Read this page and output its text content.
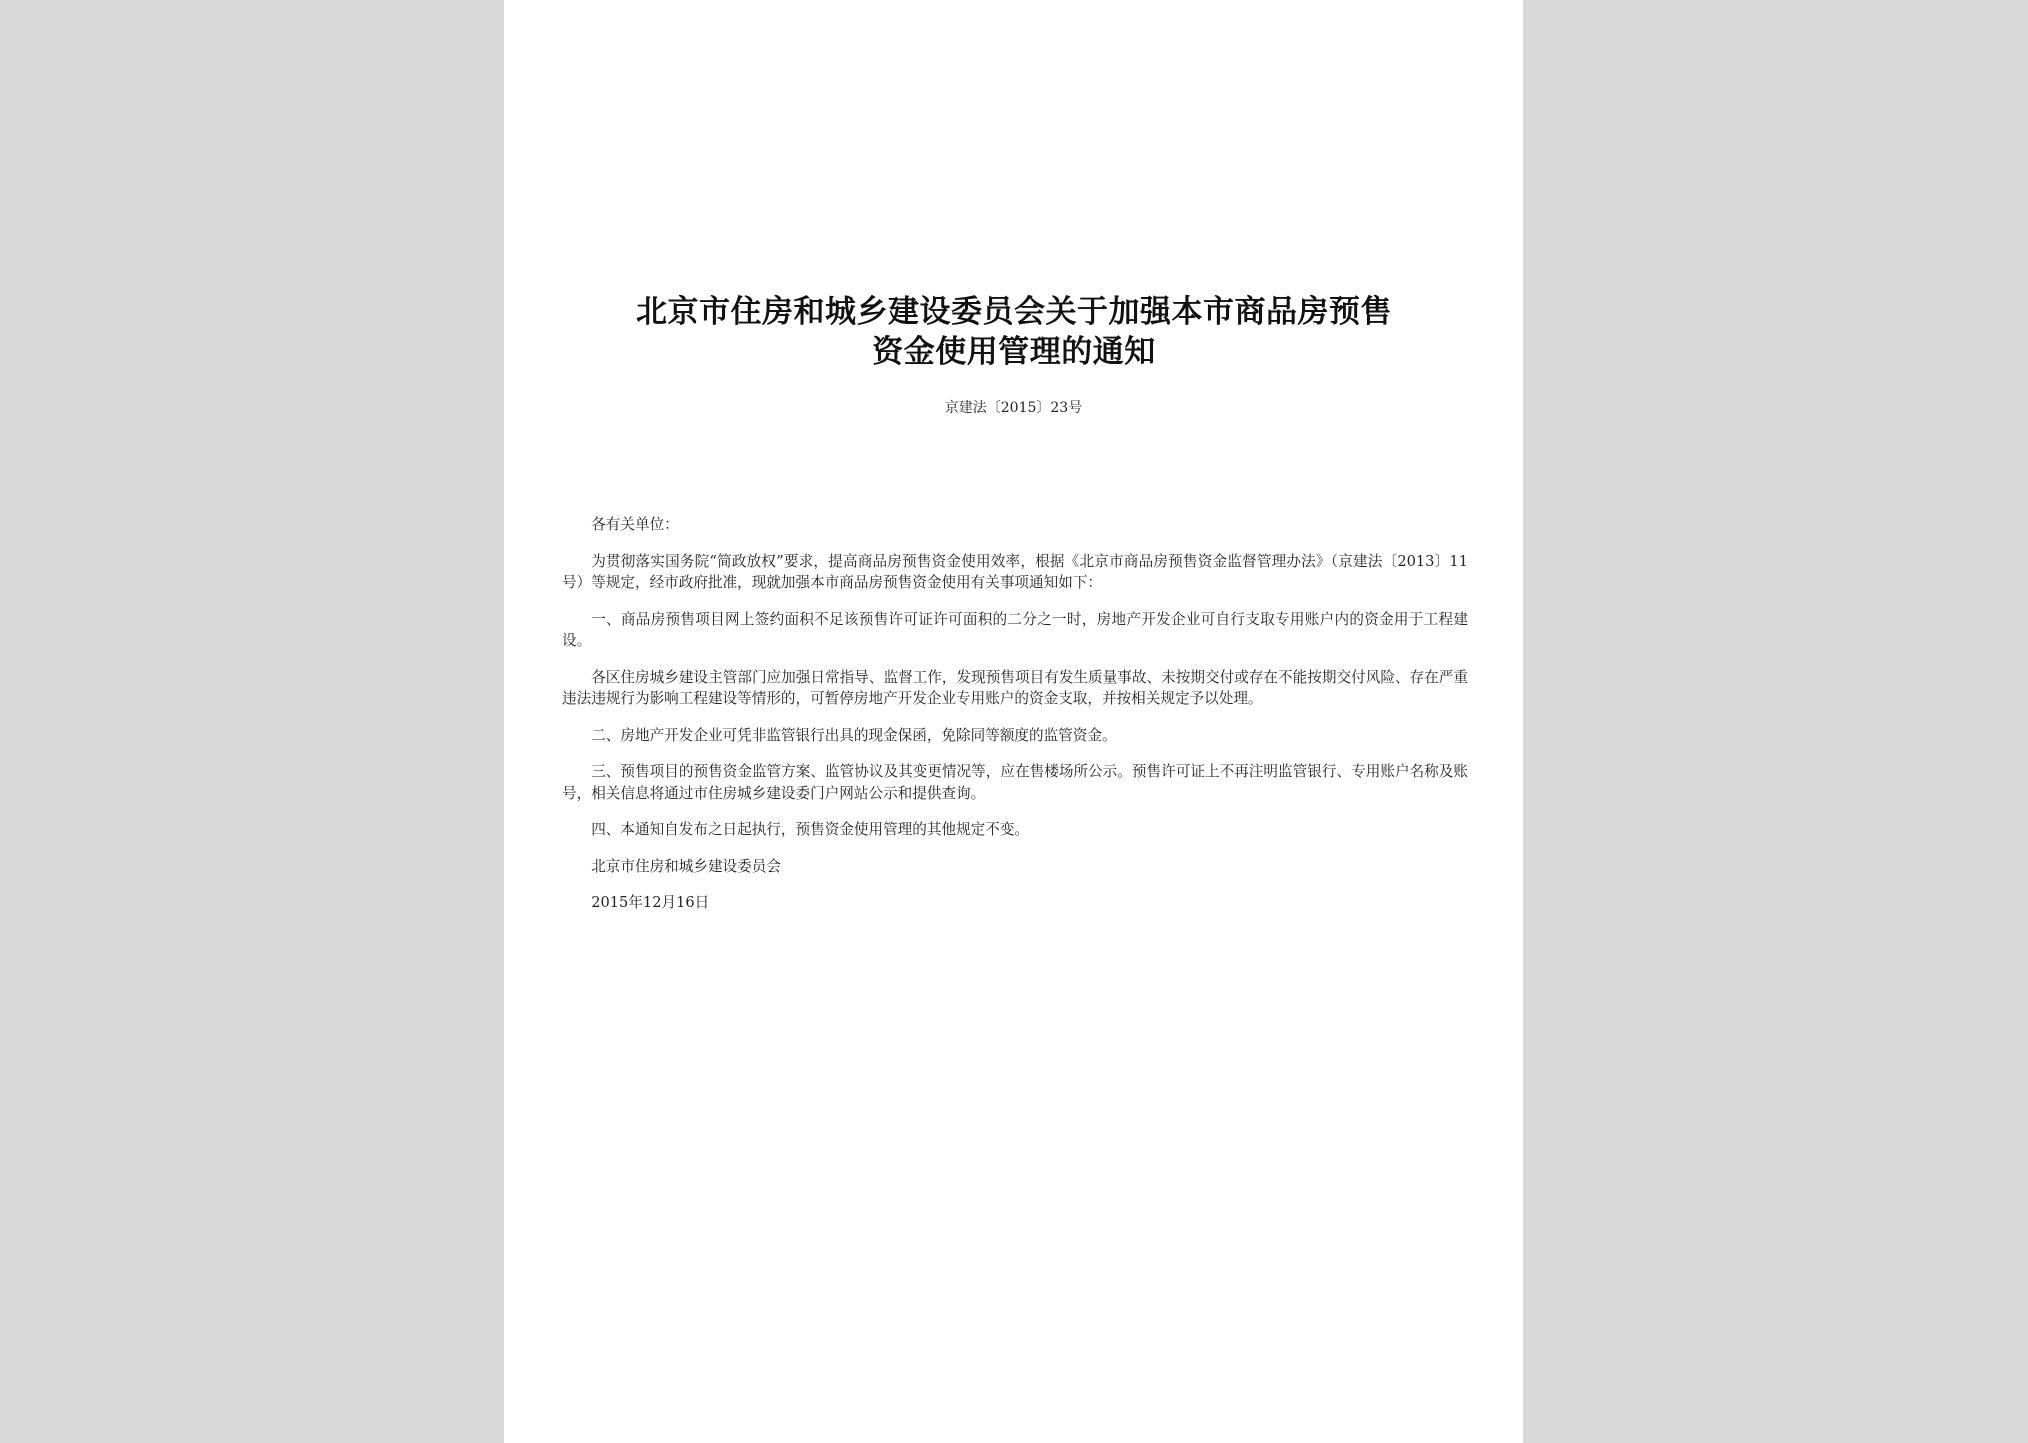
北京市住房和城乡建设委员会关于加强本市商品房预售
资金使用管理的通知
京建法〔2015〕23号

各有关单位：

为贯彻落实国务院“简政放权”要求，提高商品房预售资金使用效率，根据《北京市商品房预售资金监督管理办法》（京建法〔2013〕11号）等规定，经市政府批准，现就加强本市商品房预售资金使用有关事项通知如下：

一、商品房预售项目网上签约面积不足该预售许可证许可面积的二分之一时，房地产开发企业可自行支取专用账户内的资金用于工程建设。

各区住房城乡建设主管部门应加强日常指导、监督工作，发现预售项目有发生质量事故、未按期交付或存在不能按期交付风险、存在严重违法违规行为影响工程建设等情形的，可暂停房地产开发企业专用账户的资金支取，并按相关规定予以处理。

二、房地产开发企业可凭非监管银行出具的现金保函，免除同等额度的监管资金。

三、预售项目的预售资金监管方案、监管协议及其变更情况等，应在售楼场所公示。预售许可证上不再注明监管银行、专用账户名称及账号，相关信息将通过市住房城乡建设委门户网站公示和提供查询。

四、本通知自发布之日起执行，预售资金使用管理的其他规定不变。

北京市住房和城乡建设委员会

2015年12月16日
